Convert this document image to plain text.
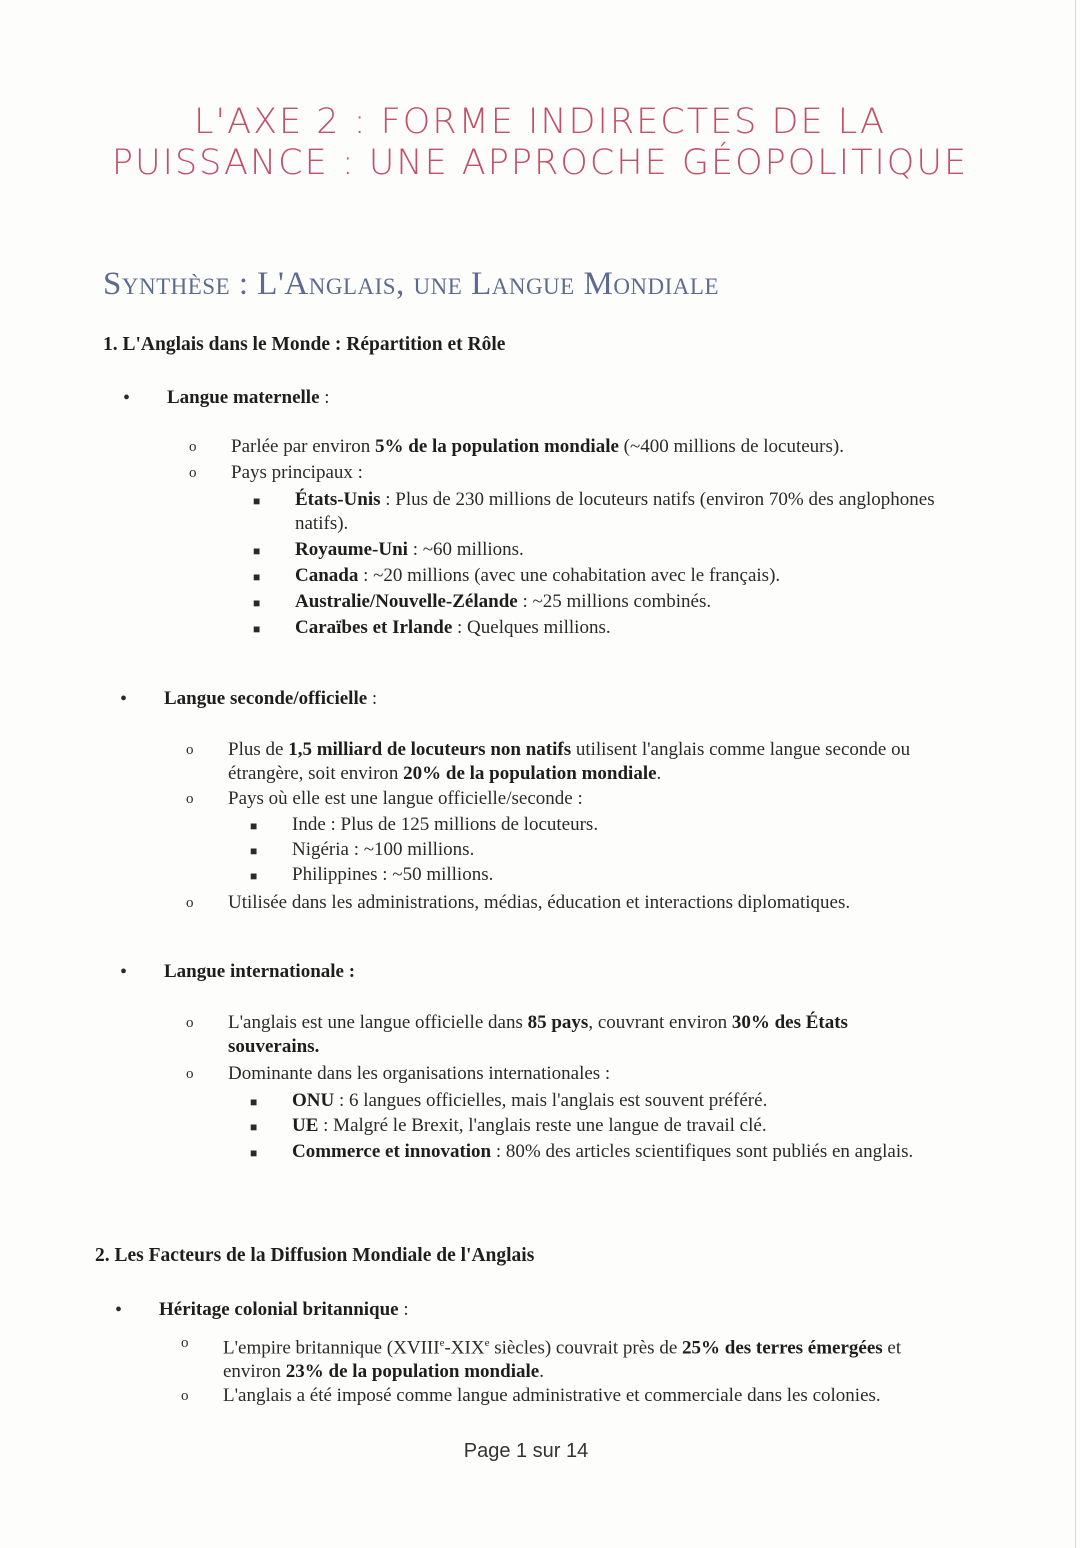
L'AXE 2 : FORME INDIRECTES DE LA
PUISSANCE : UNE APPROCHE GÉOPOLITIQUE
Synthèse : L'Anglais, une Langue Mondiale
1. L'Anglais dans le Monde : Répartition et Rôle
• Langue maternelle :
o Parlée par environ 5% de la population mondiale (~400 millions de locuteurs).
o Pays principaux :
■ États-Unis : Plus de 230 millions de locuteurs natifs (environ 70% des anglophones natifs).
■ Royaume-Uni : ~60 millions.
■ Canada : ~20 millions (avec une cohabitation avec le français).
■ Australie/Nouvelle-Zélande : ~25 millions combinés.
■ Caraïbes et Irlande : Quelques millions.
• Langue seconde/officielle :
o Plus de 1,5 milliard de locuteurs non natifs utilisent l'anglais comme langue seconde ou étrangère, soit environ 20% de la population mondiale.
o Pays où elle est une langue officielle/seconde :
■ Inde : Plus de 125 millions de locuteurs.
■ Nigéria : ~100 millions.
■ Philippines : ~50 millions.
o Utilisée dans les administrations, médias, éducation et interactions diplomatiques.
• Langue internationale :
o L'anglais est une langue officielle dans 85 pays, couvrant environ 30% des États souverains.
o Dominante dans les organisations internationales :
■ ONU : 6 langues officielles, mais l'anglais est souvent préféré.
■ UE : Malgré le Brexit, l'anglais reste une langue de travail clé.
■ Commerce et innovation : 80% des articles scientifiques sont publiés en anglais.
2. Les Facteurs de la Diffusion Mondiale de l'Anglais
• Héritage colonial britannique :
o L'empire britannique (XVIIIe-XIXe siècles) couvrait près de 25% des terres émergées et environ 23% de la population mondiale.
o L'anglais a été imposé comme langue administrative et commerciale dans les colonies.
Page 1 sur 14
